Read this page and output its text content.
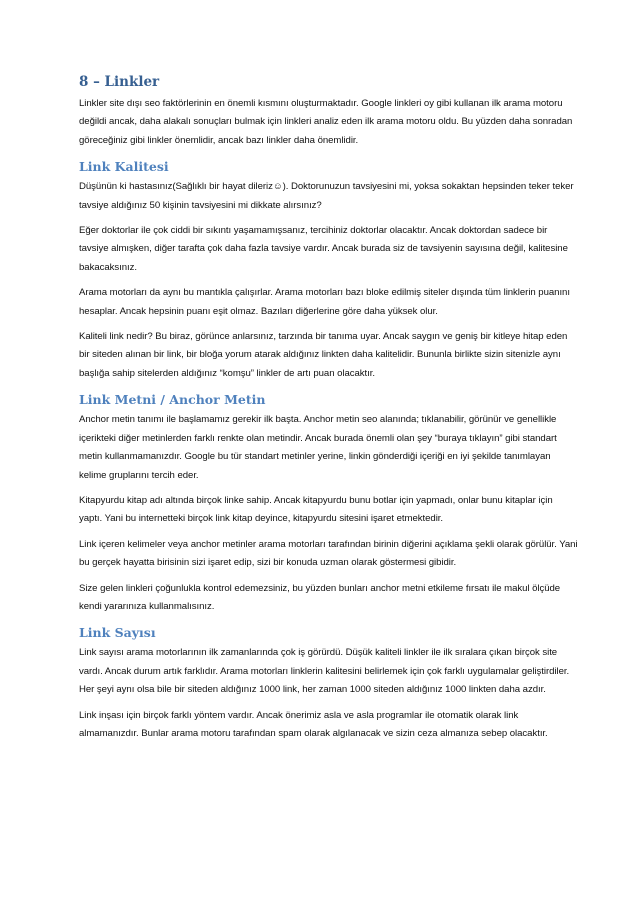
8 – Linkler

Linkler site dışı seo faktörlerinin en önemli kısmını oluşturmaktadır. Google linkleri oy gibi kullanan ilk arama motoru değildi ancak, daha alakalı sonuçları bulmak için linkleri analiz eden ilk arama motoru oldu. Bu yüzden daha sonradan göreceğiniz gibi linkler önemlidir, ancak bazı linkler daha önemlidir.

Link Kalitesi

Düşünün ki hastasınız(Sağlıklı bir hayat dileriz☺). Doktorunuzun tavsiyesini mi, yoksa sokaktan hepsinden teker teker tavsiye aldığınız 50 kişinin tavsiyesini mi dikkate alırsınız?

Eğer doktorlar ile çok ciddi bir sıkıntı yaşamamışsanız, tercihiniz doktorlar olacaktır. Ancak doktordan sadece bir tavsiye almışken, diğer tarafta çok daha fazla tavsiye vardır. Ancak burada siz de tavsiyenin sayısına değil, kalitesine bakacaksınız.

Arama motorları da aynı bu mantıkla çalışırlar. Arama motorları bazı bloke edilmiş siteler dışında tüm linklerin puanını hesaplar. Ancak hepsinin puanı eşit olmaz. Bazıları diğerlerine göre daha yüksek olur.

Kaliteli link nedir? Bu biraz, görünce anlarsınız, tarzında bir tanıma uyar. Ancak saygın ve geniş bir kitleye hitap eden bir siteden alınan bir link, bir bloğa yorum atarak aldığınız linkten daha kalitelidir. Bununla birlikte sizin sitenizle aynı başlığa sahip sitelerden aldığınız “komşu” linkler de artı puan olacaktır.

Link Metni / Anchor Metin

Anchor metin tanımı ile başlamamız gerekir ilk başta. Anchor metin seo alanında; tıklanabilir, görünür ve genellikle içerikteki diğer metinlerden farklı renkte olan metindir. Ancak burada önemli olan şey “buraya tıklayın” gibi standart metin kullanmamanızdır. Google bu tür standart metinler yerine, linkin gönderdiği içeriği en iyi şekilde tanımlayan kelime gruplarını tercih eder.

Kitapyurdu kitap adı altında birçok linke sahip. Ancak kitapyurdu bunu botlar için yapmadı, onlar bunu kitaplar için yaptı. Yani bu internetteki birçok link kitap deyince, kitapyurdu sitesini işaret etmektedir.

Link içeren kelimeler veya anchor metinler arama motorları tarafından birinin diğerini açıklama şekli olarak görülür. Yani bu gerçek hayatta birisinin sizi işaret edip, sizi bir konuda uzman olarak göstermesi gibidir.

Size gelen linkleri çoğunlukla kontrol edemezsiniz, bu yüzden bunları anchor metni etkileme fırsatı ile makul ölçüde kendi yararınıza kullanmalısınız.

Link Sayısı

Link sayısı arama motorlarının ilk zamanlarında çok iş görürdü. Düşük kaliteli linkler ile ilk sıralara çıkan birçok site vardı. Ancak durum artık farklıdır. Arama motorları linklerin kalitesini belirlemek için çok farklı uygulamalar geliştirdiler. Her şeyi aynı olsa bile bir siteden aldığınız 1000 link, her zaman 1000 siteden aldığınız 1000 linkten daha azdır.

Link inşası için birçok farklı yöntem vardır. Ancak önerimiz asla ve asla programlar ile otomatik olarak link almamanızdır. Bunlar arama motoru tarafından spam olarak algılanacak ve sizin ceza almanıza sebep olacaktır.
